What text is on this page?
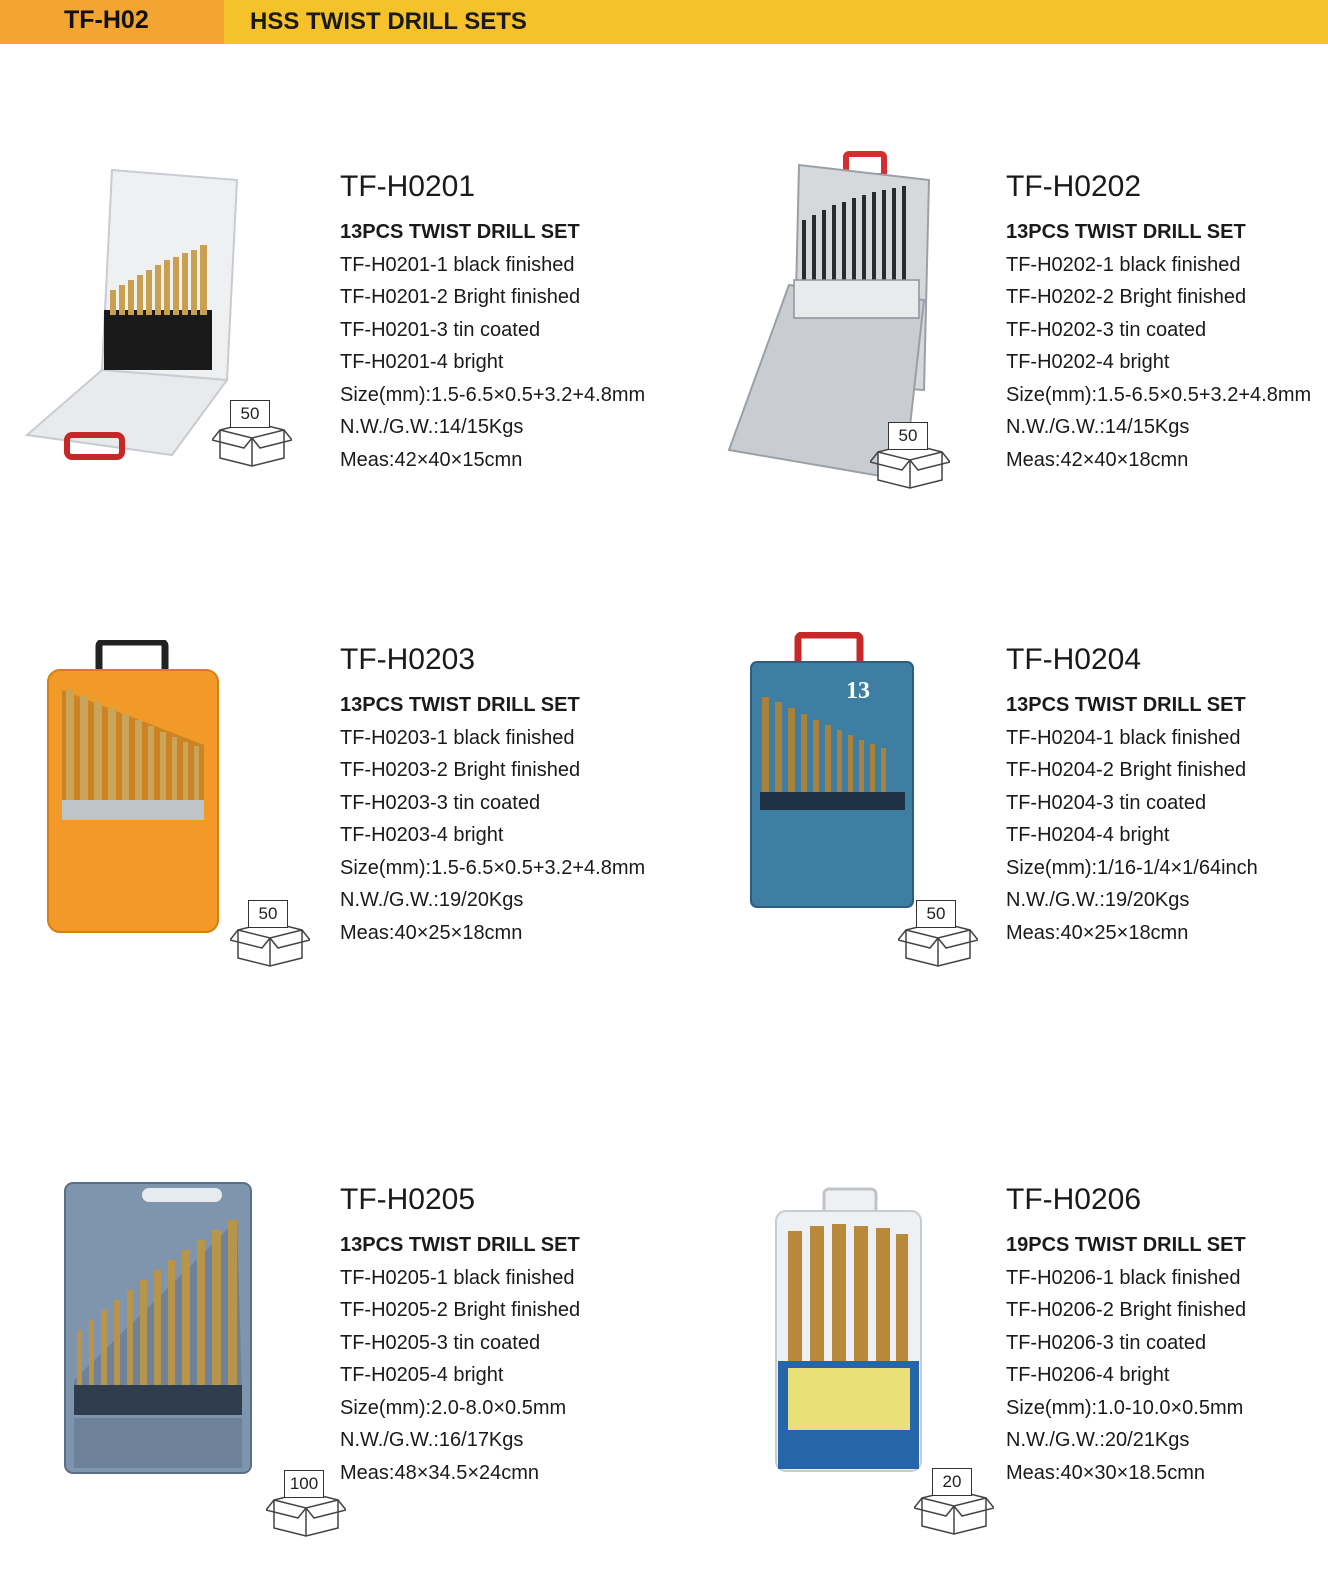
TF-H02	HSS TWIST DRILL SETS
50
TF-H0201
13PCS TWIST DRILL SET
TF-H0201-1 black finished
TF-H0201-2 Bright finished
TF-H0201-3 tin coated
TF-H0201-4 bright
Size(mm):1.5-6.5×0.5+3.2+4.8mm
N.W./G.W.:14/15Kgs
Meas:42×40×15cmn
50
TF-H0202
13PCS TWIST DRILL SET
TF-H0202-1 black finished
TF-H0202-2 Bright finished
TF-H0202-3 tin coated
TF-H0202-4 bright
Size(mm):1.5-6.5×0.5+3.2+4.8mm
N.W./G.W.:14/15Kgs
Meas:42×40×18cmn
50
TF-H0203
13PCS TWIST DRILL SET
TF-H0203-1 black finished
TF-H0203-2 Bright finished
TF-H0203-3 tin coated
TF-H0203-4 bright
Size(mm):1.5-6.5×0.5+3.2+4.8mm
N.W./G.W.:19/20Kgs
Meas:40×25×18cmn
13
50
TF-H0204
13PCS TWIST DRILL SET
TF-H0204-1 black finished
TF-H0204-2 Bright finished
TF-H0204-3 tin coated
TF-H0204-4 bright
Size(mm):1/16-1/4×1/64inch
N.W./G.W.:19/20Kgs
Meas:40×25×18cmn
100
TF-H0205
13PCS TWIST DRILL SET
TF-H0205-1 black finished
TF-H0205-2 Bright finished
TF-H0205-3 tin coated
TF-H0205-4 bright
Size(mm):2.0-8.0×0.5mm
N.W./G.W.:16/17Kgs
Meas:48×34.5×24cmn	20
TF-H0206
19PCS TWIST DRILL SET
TF-H0206-1 black finished
TF-H0206-2 Bright finished
TF-H0206-3 tin coated
TF-H0206-4 bright
Size(mm):1.0-10.0×0.5mm
N.W./G.W.:20/21Kgs
Meas:40×30×18.5cmn
